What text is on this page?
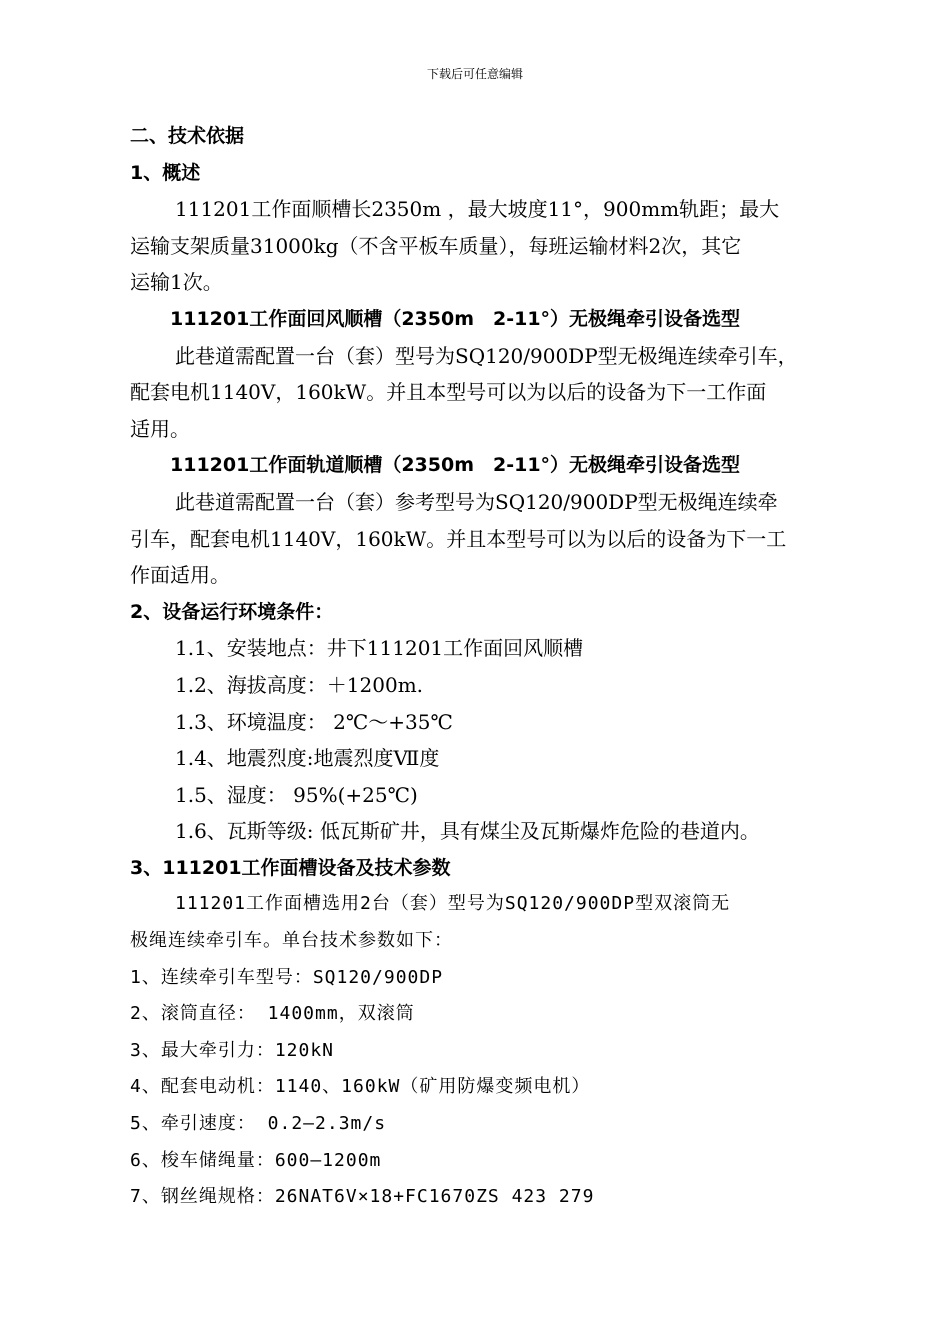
下载后可任意编辑

二、技术依据

1、概述

111201工作面顺槽长2350m ，最大坡度11°，900mm轨距；最大

运输支架质量31000kg（不含平板车质量），每班运输材料2次，其它

运输1次。

111201工作面回风顺槽（2350m　2-11°）无极绳牵引设备选型

此巷道需配置一台（套）型号为SQ120/900DP型无极绳连续牵引车，

配套电机1140V，160kW。并且本型号可以为以后的设备为下一工作面

适用。

111201工作面轨道顺槽（2350m　2-11°）无极绳牵引设备选型

此巷道需配置一台（套）参考型号为SQ120/900DP型无极绳连续牵

引车，配套电机1140V，160kW。并且本型号可以为以后的设备为下一工

作面适用。

2、设备运行环境条件：

1.1、安装地点：井下111201工作面回风顺槽

1.2、海拔高度：＋1200m.

1.3、环境温度： 2℃～+35℃

1.4、地震烈度:地震烈度Ⅶ度

1.5、湿度： 95%(+25℃)

1.6、瓦斯等级: 低瓦斯矿井，具有煤尘及瓦斯爆炸危险的巷道内。

3、111201工作面槽设备及技术参数

111201工作面槽选用2台（套）型号为SQ120/900DP型双滚筒无

极绳连续牵引车。单台技术参数如下：

1、连续牵引车型号：SQ120/900DP

2、滚筒直径： 1400mm，双滚筒

3、最大牵引力：120kN

4、配套电动机：1140、160kW（矿用防爆变频电机）

5、牵引速度： 0.2—2.3m/s

6、梭车储绳量：600—1200m

7、钢丝绳规格：26NAT6V×18+FC1670ZS 423 279
